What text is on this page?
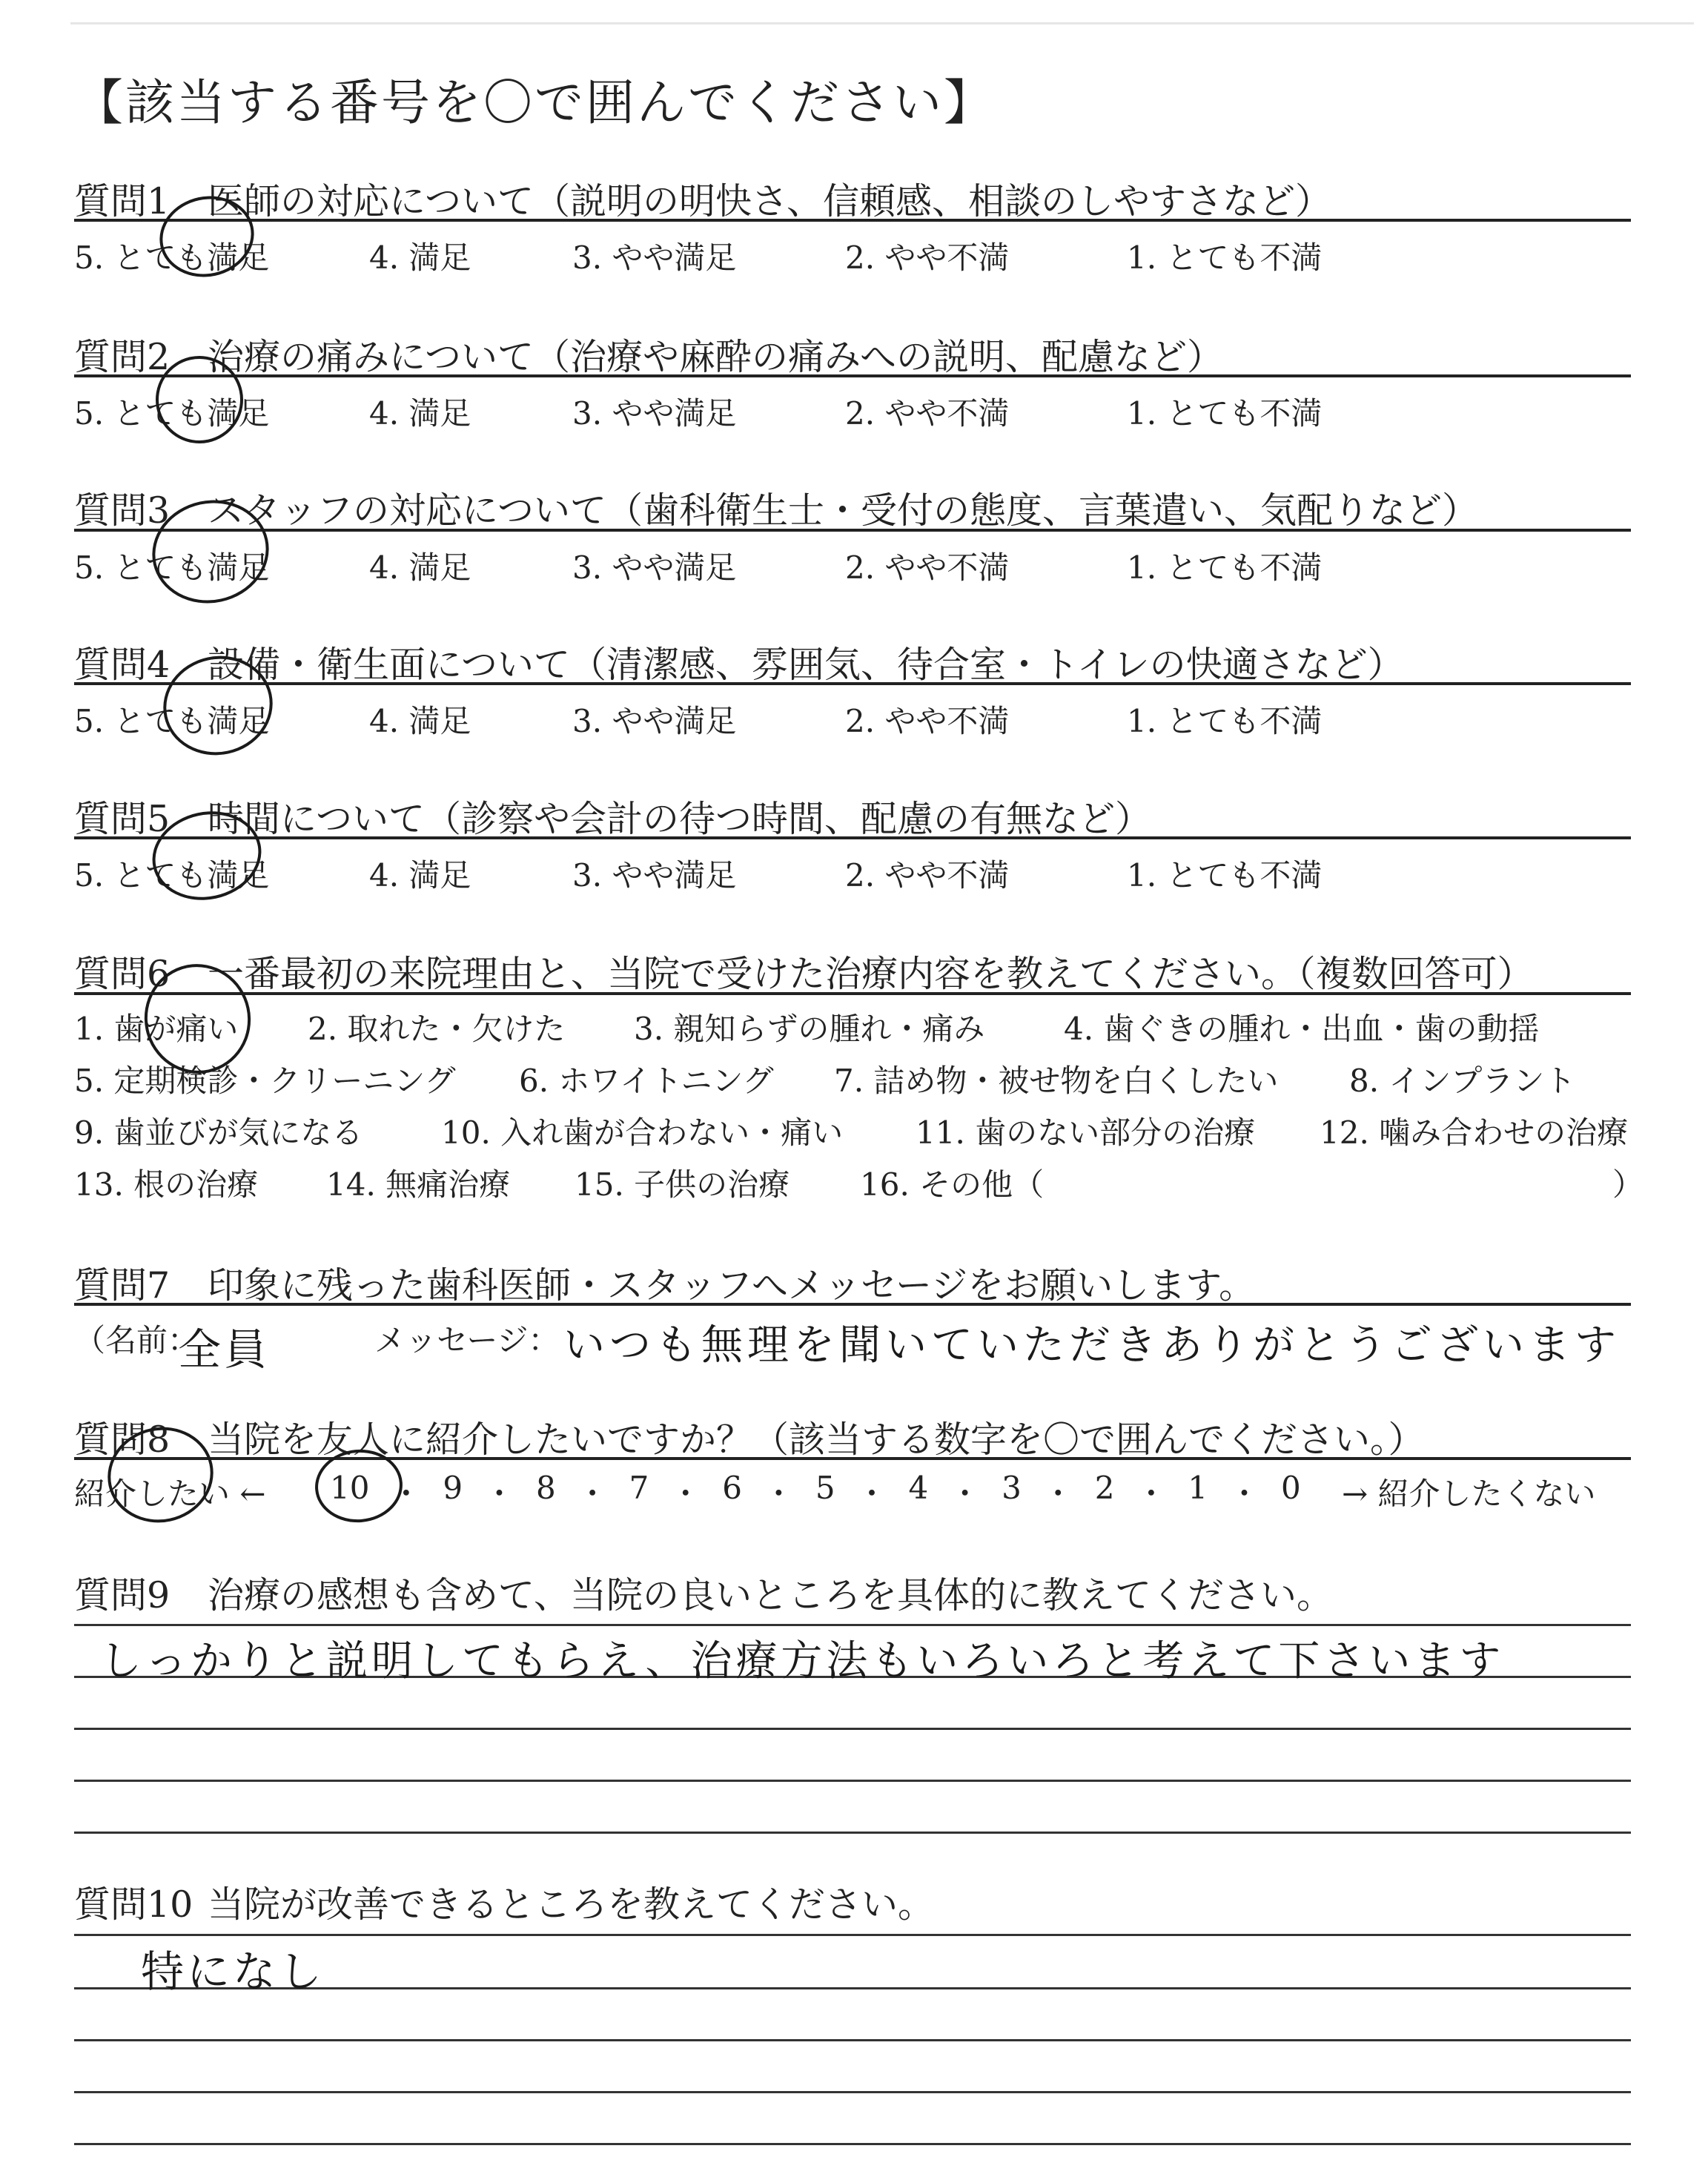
【該当する番号を〇で囲んでください】
質問1 医師の対応について（説明の明快さ、信頼感、相談のしやすさなど）
5. とても満足	4. 満足	3. やや満足	2. やや不満	1. とても不満
質問2 治療の痛みについて（治療や麻酔の痛みへの説明、配慮など）
5. とても満足	4. 満足	3. やや満足	2. やや不満	1. とても不満
質問3 スタッフの対応について（歯科衛生士・受付の態度、言葉遣い、気配りなど）
5. とても満足	4. 満足	3. やや満足	2. やや不満	1. とても不満
質問4 設備・衛生面について（清潔感、雰囲気、待合室・トイレの快適さなど）
5. とても満足	4. 満足	3. やや満足	2. やや不満	1. とても不満
質問5 時間について（診察や会計の待つ時間、配慮の有無など）
5. とても満足	4. 満足	3. やや満足	2. やや不満	1. とても不満
質問6 一番最初の来院理由と、当院で受けた治療内容を教えてください。（複数回答可）
1. 歯が痛い 2. 取れた・欠けた 3. 親知らずの腫れ・痛み	4. 歯ぐきの腫れ・出血・歯の動揺
5. 定期検診・クリーニング 6. ホワイトニング 7. 詰め物・被せ物を白くしたい 8. インプラント
9. 歯並びが気になる	10. 入れ歯が合わない・痛い 11. 歯のない部分の治療 12. 噛み合わせの治療
13. 根の治療 14. 無痛治療 15. 子供の治療 16. その他（	）
質問7 印象に残った歯科医師・スタッフへメッセージをお願いします。
（名前：
全員	メッセージ： いつも無理を聞いていただきありがとうございます
質問8 当院を友人に紹介したいですか？（該当する数字を〇で囲んでください。）
紹介したい ← 10 ・ 9 ・ 8 ・ 7 ・ 6 ・ 5 ・ 4 ・ 3 ・ 2 ・ 1 ・ 0 → 紹介したくない
質問9 治療の感想も含めて、当院の良いところを具体的に教えてください。
しっかりと説明してもらえ、治療方法もいろいろと考えて下さいます
質問10 当院が改善できるところを教えてください。
特になし
